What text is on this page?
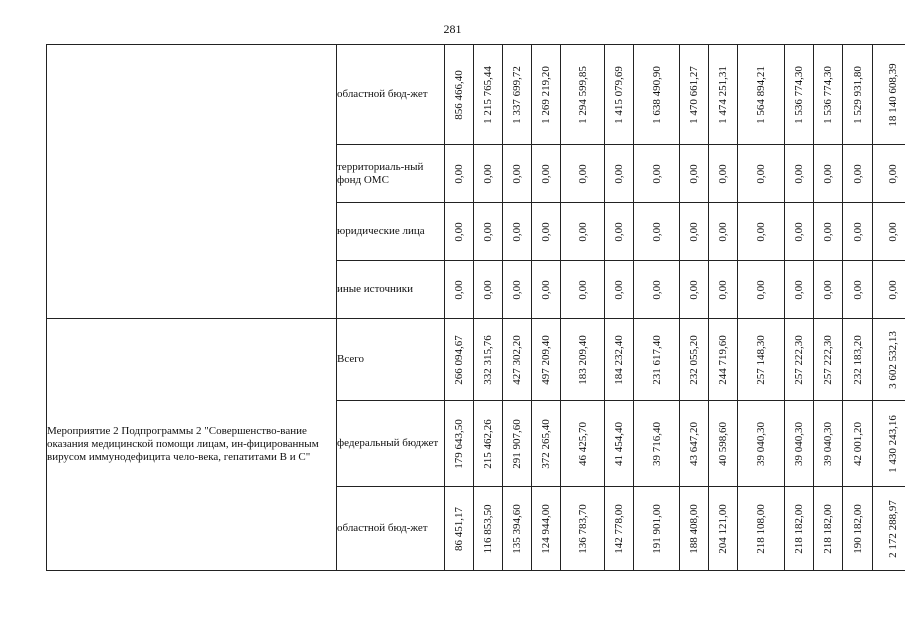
281
	областной бюд-жет	856 466,40	1 215 765,44	1 337 699,72	1 269 219,20	1 294 599,85	1 415 079,69	1 638 490,90	1 470 661,27	1 474 251,31	1 564 894,21	1 536 774,30	1 536 774,30	1 529 931,80	18 140 608,39

	территориаль-ный фонд ОМС	0,00	0,00	0,00	0,00	0,00	0,00	0,00	0,00	0,00	0,00	0,00	0,00	0,00	0,00

	юридические лица	0,00	0,00	0,00	0,00	0,00	0,00	0,00	0,00	0,00	0,00	0,00	0,00	0,00	0,00

	иные источники	0,00	0,00	0,00	0,00	0,00	0,00	0,00	0,00	0,00	0,00	0,00	0,00	0,00	0,00

Мероприятие 2 Подпрограммы 2 "Совершенство-вание оказания медицинской помощи лицам, ин-фицированным вирусом иммунодефицита чело-века, гепатитами В и С"	Всего	266 094,67	332 315,76	427 302,20	497 209,40	183 209,40	184 232,40	231 617,40	232 055,20	244 719,60	257 148,30	257 222,30	257 222,30	232 183,20	3 602 532,13

	федеральный бюджет	179 643,50	215 462,26	291 907,60	372 265,40	46 425,70	41 454,40	39 716,40	43 647,20	40 598,60	39 040,30	39 040,30	39 040,30	42 001,20	1 430 243,16

	областной бюд-жет	86 451,17	116 853,50	135 394,60	124 944,00	136 783,70	142 778,00	191 901,00	188 408,00	204 121,00	218 108,00	218 182,00	218 182,00	190 182,00	2 172 288,97
